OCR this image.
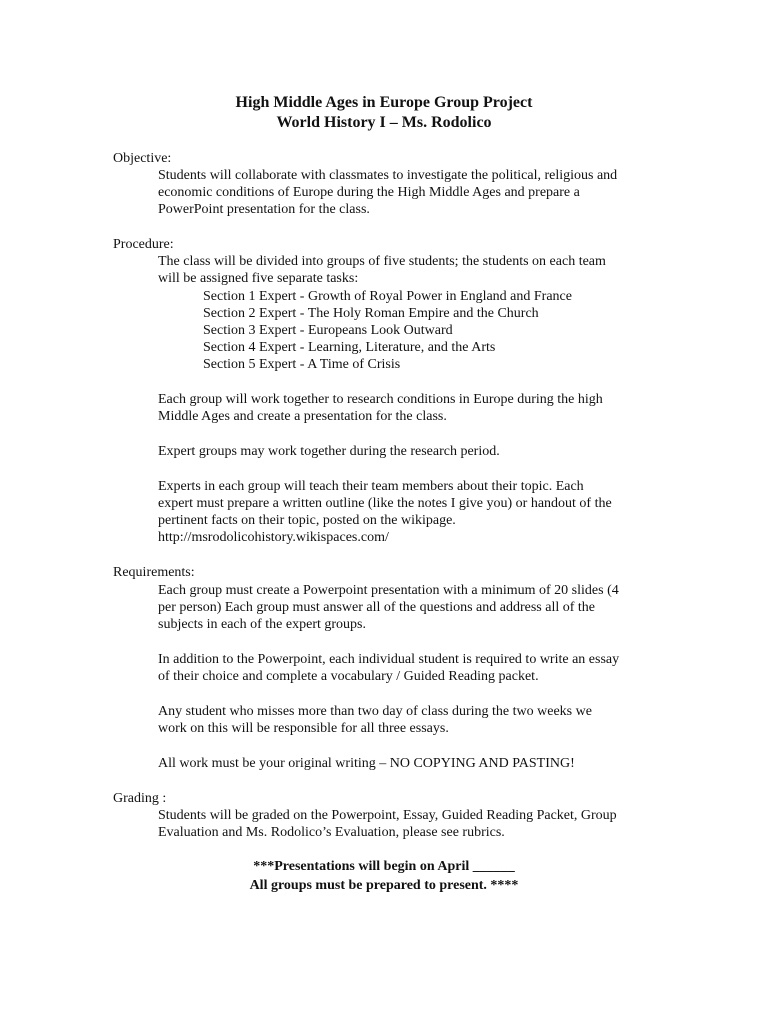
High Middle Ages in Europe Group Project
World History I – Ms. Rodolico
Objective:
Students will collaborate with classmates to investigate the political, religious and
economic conditions of Europe during the High Middle Ages and prepare a
PowerPoint presentation for the class.
Procedure:
The class will be divided into groups of five students; the students on each team
will be assigned five separate tasks:
Section 1 Expert - Growth of Royal Power in England and France
Section 2 Expert - The Holy Roman Empire and the Church
Section 3 Expert - Europeans Look Outward
Section 4 Expert - Learning, Literature, and the Arts
Section 5 Expert - A Time of Crisis
Each group will work together to research conditions in Europe during the high
Middle Ages and create a presentation for the class.
Expert groups may work together during the research period.
Experts in each group will teach their team members about their topic. Each
expert must prepare a written outline (like the notes I give you) or handout of the
pertinent facts on their topic, posted on the wikipage.
http://msrodolicohistory.wikispaces.com/
Requirements:
Each group must create a Powerpoint presentation with a minimum of 20 slides (4
per person) Each group must answer all of the questions and address all of the
subjects in each of the expert groups.
In addition to the Powerpoint, each individual student is required to write an essay
of their choice and complete a vocabulary / Guided Reading packet.
Any student who misses more than two day of class during the two weeks we
work on this will be responsible for all three essays.
All work must be your original writing – NO COPYING AND PASTING!
Grading :
Students will be graded on the Powerpoint, Essay, Guided Reading Packet, Group
Evaluation and Ms. Rodolico’s Evaluation, please see rubrics.
***Presentations will begin on April ______
All groups must be prepared to present. ****
